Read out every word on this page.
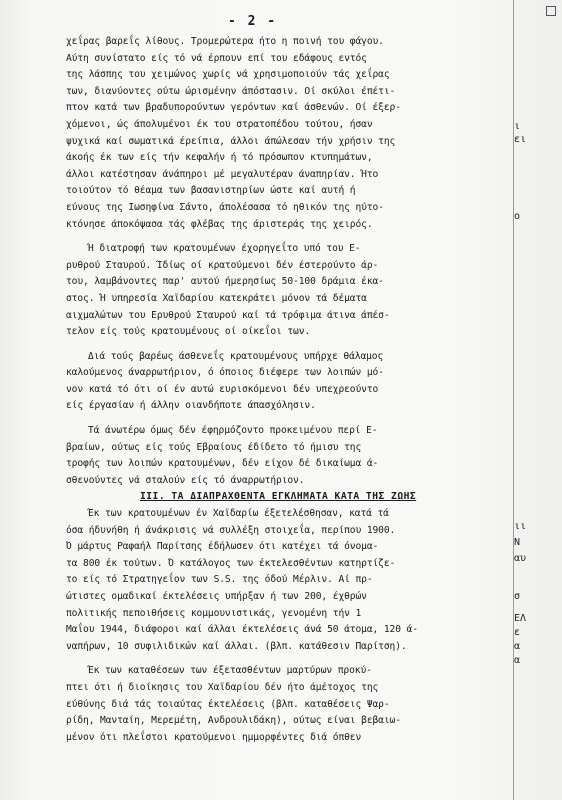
- 2 -
χεΐρας βαρεΐς λίθους. Τρομερώτερα ήτο η ποινή του φάγου.
Αύτη συνίστατο είς τό νά έρπουν επί του εδάφους εντός
της λάσπης του χειμώνος χωρίς νά χρησιμοποιούν τάς χεΐρας
των, διανύοντες ούτω ώρισμένην άπόστασιν. Οί σκύλοι έπέτι-
πτον κατά των βραδυπορούντων γερόντων καί άσθενών. Οί έξερ-
χόμενοι, ώς άπολυμένοι έκ του στρατοπέδου τούτου, ήσαν
ψυχικά καί σωματικά έρείπια, άλλοι άπώλεσαν τήν χρήσιν της
άκοής έκ των είς τήν κεφαλήν ή τό πρόσωπον κτυπημάτων,
άλλοι κατέστησαν άνάπηροι μέ μεγαλυτέραν άναπηρίαν. Ήτο
τοιούτον τό θέαμα των βασανιστηρίων ώστε καί αυτή ή
εύνους της Ιωσηφίνα Σάντο, άπολέσασα τό ηθικόν της ηύτο-
κτόνησε άποκόψασα τάς φλέβας της άριστεράς της χειρός.
Ή διατροφή των κρατουμένων έχορηγεΐτο υπό του Ε-
ρυθρού Σταυρού. Ίδίως οί κρατούμενοι δέν έστερούντο άρ-
του, λαμβάνοντες παρ' αυτού ήμερησίως 50-100 δράμια έκα-
στος. Ή υπηρεσία Χαϊδαρίου κατεκράτει μόνον τά δέματα
αιχμαλώτων του Ερυθρού Σταυρού καί τά τρόφιμα άτινα άπέσ-
τελον είς τούς κρατουμένους οί οίκεΐοι των.
Διά τούς βαρέως άσθενεΐς κρατουμένους υπήρχε θάλαμος
καλούμενος άναρρωτήριον, ό όποιος διέφερε των λοιπών μό-
νον κατά τό ότι οί έν αυτώ ευρισκόμενοι δέν υπεχρεούντο
είς έργασίαν ή άλλην οιανδήποτε άπασχόλησιν.
Τά άνωτέρω όμως δέν έφηρμόζοντο προκειμένου περί Ε-
βραίων, ούτως είς τούς Εβραίους έδίδετο τό ήμισυ της
τροφής των λοιπών κρατουμένων, δέν είχον δέ δικαίωμα ά-
σθενούντες νά σταλούν είς τό άναρρωτήριον.
ΙΙΙ. ΤΑ ΔΙΑΠΡΑΧΘΕΝΤΑ ΕΓΚΛΗΜΑΤΑ ΚΑΤΑ ΤΗΣ ΖΩΗΣ
Έκ των κρατουμένων έν Χαϊδαρίω έξετελέσθησαν, κατά τά
όσα ήδυνήθη ή άνάκρισις νά συλλέξη στοιχεΐα, περίπου 1900.
Ό μάρτυς Ραφαήλ Παρίτσης έδήλωσεν ότι κατέχει τά όνομα-
τα 800 έκ τούτων. Ό κατάλογος των έκτελεσθέντων κατηρτίζε-
το είς τό Στρατηγεΐον των S.S. της όδού Μέρλιν. Αί πρ-
ώτιστες ομαδικαί έκτελέσεις υπήρξαν ή των 200, έχθρών
πολιτικής πεποιθήσεις κομμουνιστικάς, γενομένη τήν 1
Μαΐου 1944, διάφοροι καί άλλαι έκτελέσεις άνά 50 άτομα, 120 ά-
ναπήρων, 10 συφιλιδικών καί άλλαι. (βλπ. κατάθεσιν Παρίτση).
Έκ των καταθέσεων των έξετασθέντων μαρτύρων προκύ-
πτει ότι ή διοίκησις του Χαϊδαρίου δέν ήτο άμέτοχος της
εύθύνης διά τάς τοιαύτας έκτελέσεις (βλπ. καταθέσεις Ψαρ-
ρίδη, Μανταίη, Μερεμέτη, Ανδρουλιδάκη), ούτως είναι βεβαιω-
μένον ότι πλεΐστοι κρατούμενοι ημμορφέντες διά όπθεν
ι
ει
ο
ιι
Ν
αυ
σ
ΕΛ
ε
α
α
